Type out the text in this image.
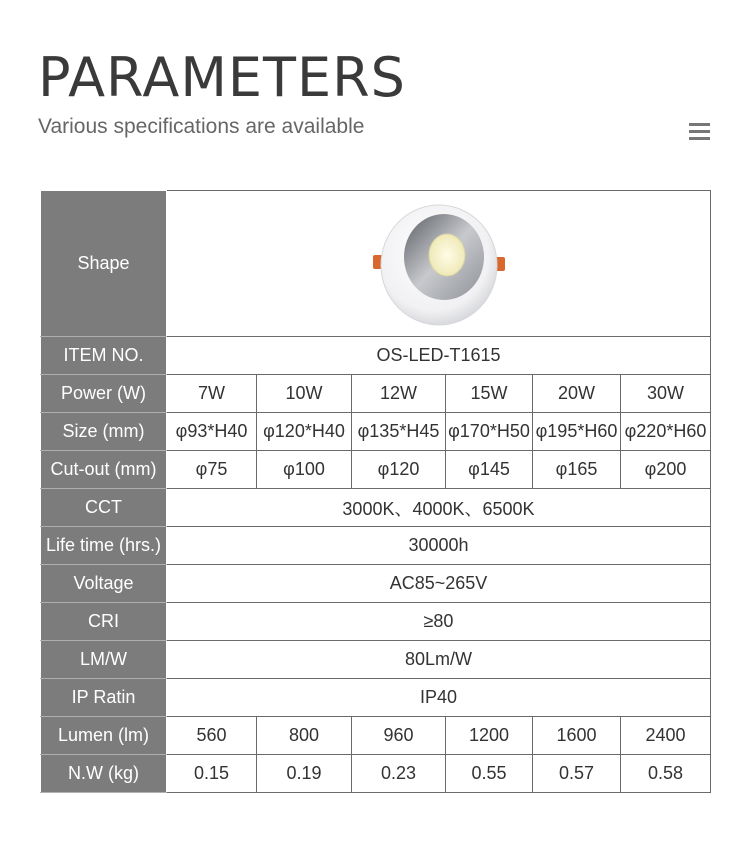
PARAMETERS

Various specifications are available

Shape	

ITEM NO.	OS-LED-T1615					
Power (W)	7W	10W	12W	15W	20W	30W
Size (mm)	φ93*H40	φ120*H40	φ135*H45	φ170*H50	φ195*H60	φ220*H60
Cut-out (mm)	φ75	φ100	φ120	φ145	φ165	φ200
CCT	3000K、4000K、6500K					
Life time (hrs.)	30000h					
Voltage	AC85~265V					
CRI	≥80					
LM/W	80Lm/W					
IP Ratin	IP40					
Lumen (lm)	560	800	960	1200	1600	2400
N.W (kg)	0.15	0.19	0.23	0.55	0.57	0.58
